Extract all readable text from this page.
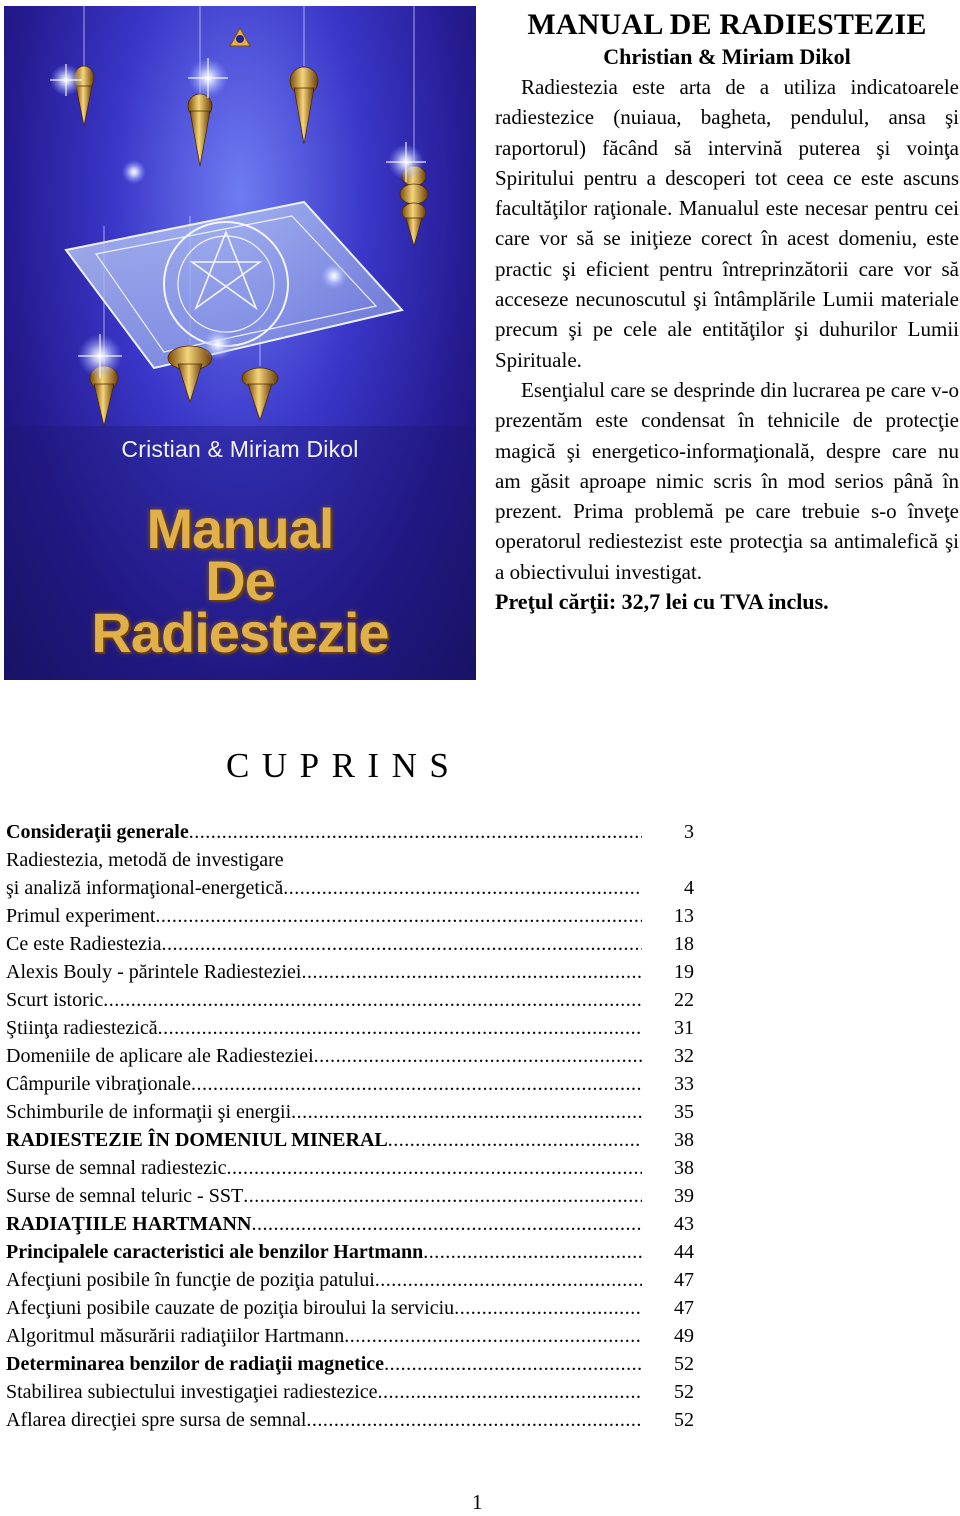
Cristian & Miriam Dikol
Manual
De
Radiestezie
MANUAL DE RADIESTEZIE
Christian & Miriam Dikol

Radiestezia este arta de a utiliza indicatoarele radiestezice (nuiaua, bagheta, pendulul, ansa şi raportorul) făcând să intervină puterea şi voinţa Spiritului pentru a descoperi tot ceea ce este ascuns facultăţilor raţionale. Manualul este necesar pentru cei care vor să se iniţieze corect în acest domeniu, este practic şi eficient pentru întreprinzătorii care vor să acceseze necunoscutul şi întâmplările Lumii materiale precum şi pe cele ale entităţilor şi duhurilor Lumii Spirituale.

Esenţialul care se desprinde din lucrarea pe care v-o prezentăm este condensat în tehnicile de protecţie magică şi energetico-informaţională, despre care nu am găsit aproape nimic scris în mod serios până în prezent. Prima problemă pe care trebuie s-o înveţe operatorul rediestezist este protecţia sa antimalefică şi a obiectivului investigat.

Preţul cărţii: 32,7 lei cu TVA inclus.
CUPRINS
Consideraţii generale .....	3
Radiestezia, metodă de investigare
şi analiză informaţional-energetică .....	4
Primul experiment .....	13
Ce este Radiestezia .....	18
Alexis Bouly - părintele Radiesteziei .....	19
Scurt istoric .....	22
Ştiinţa radiestezică .....	31
Domeniile de aplicare ale Radiesteziei .....	32
Câmpurile vibraţionale .....	33
Schimburile de informaţii şi energii .....	35
RADIESTEZIE ÎN DOMENIUL MINERAL .....	38
Surse de semnal radiestezic .....	38
Surse de semnal teluric - SST .....	39
RADIAŢIILE HARTMANN .....	43
Principalele caracteristici ale benzilor Hartmann .....	44
Afecţiuni posibile în funcţie de poziţia patului .....	47
Afecţiuni posibile cauzate de poziţia biroului la serviciu .....	47
Algoritmul măsurării radiaţiilor Hartmann .....	49
Determinarea benzilor de radiaţii magnetice .....	52
Stabilirea subiectului investigaţiei radiestezice .....	52
Aflarea direcţiei spre sursa de semnal .....	52
1
